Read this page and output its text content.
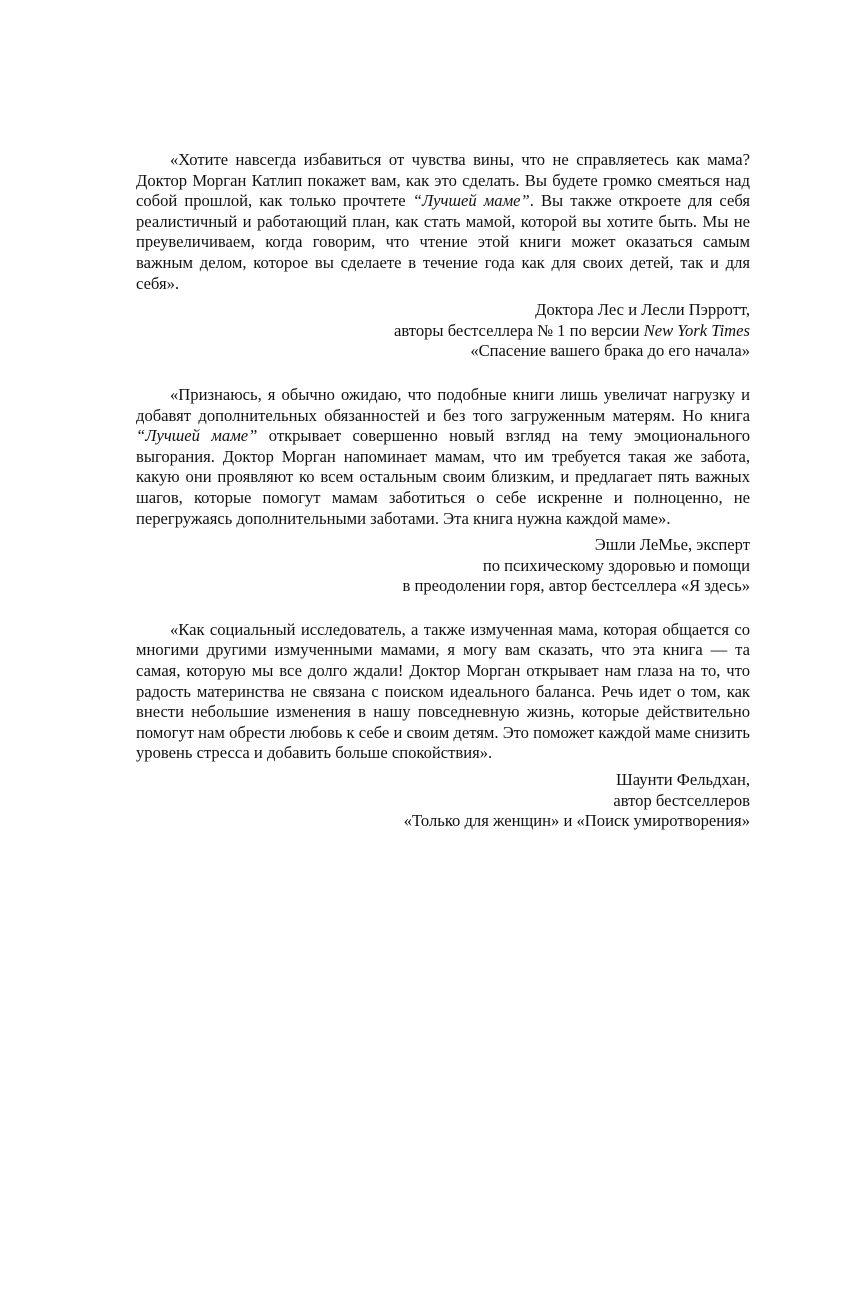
«Хотите навсегда избавиться от чувства вины, что не справляетесь как мама? Доктор Морган Катлип покажет вам, как это сделать. Вы будете громко смеяться над собой прошлой, как только прочтете “Лучшей маме”. Вы также откроете для себя реалистичный и работающий план, как стать мамой, которой вы хотите быть. Мы не преувеличиваем, когда говорим, что чтение этой книги может оказаться самым важным делом, которое вы сделаете в течение года как для своих детей, так и для себя».

Доктора Лес и Лесли Пэрротт,
авторы бестселлера № 1 по версии New York Times
«Спасение вашего брака до его начала»

«Признаюсь, я обычно ожидаю, что подобные книги лишь увеличат нагрузку и добавят дополнительных обязанностей и без того загруженным матерям. Но книга “Лучшей маме” открывает совершенно новый взгляд на тему эмоционального выгорания. Доктор Морган напоминает мамам, что им требуется такая же забота, какую они проявляют ко всем остальным своим близким, и предлагает пять важных шагов, которые помогут мамам заботиться о себе искренне и полноценно, не перегружаясь дополнительными заботами. Эта книга нужна каждой маме».

Эшли ЛеМье, эксперт
по психическому здоровью и помощи
в преодолении горя, автор бестселлера «Я здесь»

«Как социальный исследователь, а также измученная мама, которая общается со многими другими измученными мамами, я могу вам сказать, что эта книга — та самая, которую мы все долго ждали! Доктор Морган открывает нам глаза на то, что радость материнства не связана с поиском идеального баланса. Речь идет о том, как внести небольшие изменения в нашу повседневную жизнь, которые действительно помогут нам обрести любовь к себе и своим детям. Это поможет каждой маме снизить уровень стресса и добавить больше спокойствия».

Шаунти Фельдхан,
автор бестселлеров
«Только для женщин» и «Поиск умиротворения»
